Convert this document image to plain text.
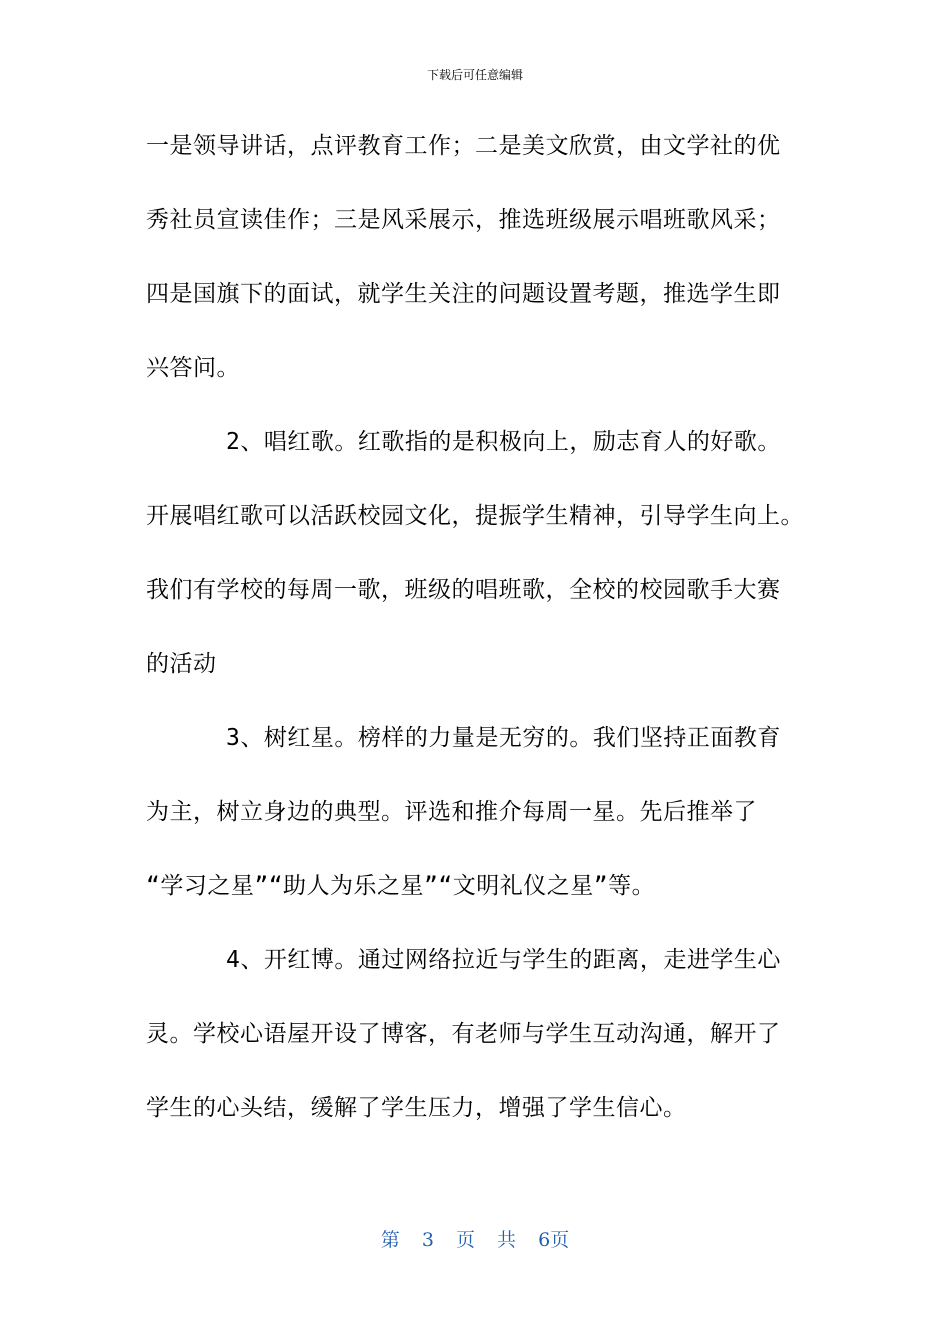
下载后可任意编辑
一是领导讲话，点评教育工作；二是美文欣赏，由文学社的优
秀社员宣读佳作；三是风采展示，推选班级展示唱班歌风采；
四是国旗下的面试，就学生关注的问题设置考题，推选学生即
兴答问。
2、唱红歌。红歌指的是积极向上，励志育人的好歌。
开展唱红歌可以活跃校园文化，提振学生精神，引导学生向上。
我们有学校的每周一歌，班级的唱班歌，全校的校园歌手大赛
的活动
3、树红星。榜样的力量是无穷的。我们坚持正面教育
为主，树立身边的典型。评选和推介每周一星。先后推举了
“学习之星”“助人为乐之星”“文明礼仪之星”等。
4、开红博。通过网络拉近与学生的距离，走进学生心
灵。学校心语屋开设了博客，有老师与学生互动沟通，解开了
学生的心头结，缓解了学生压力，增强了学生信心。
第 3 页 共 6页
